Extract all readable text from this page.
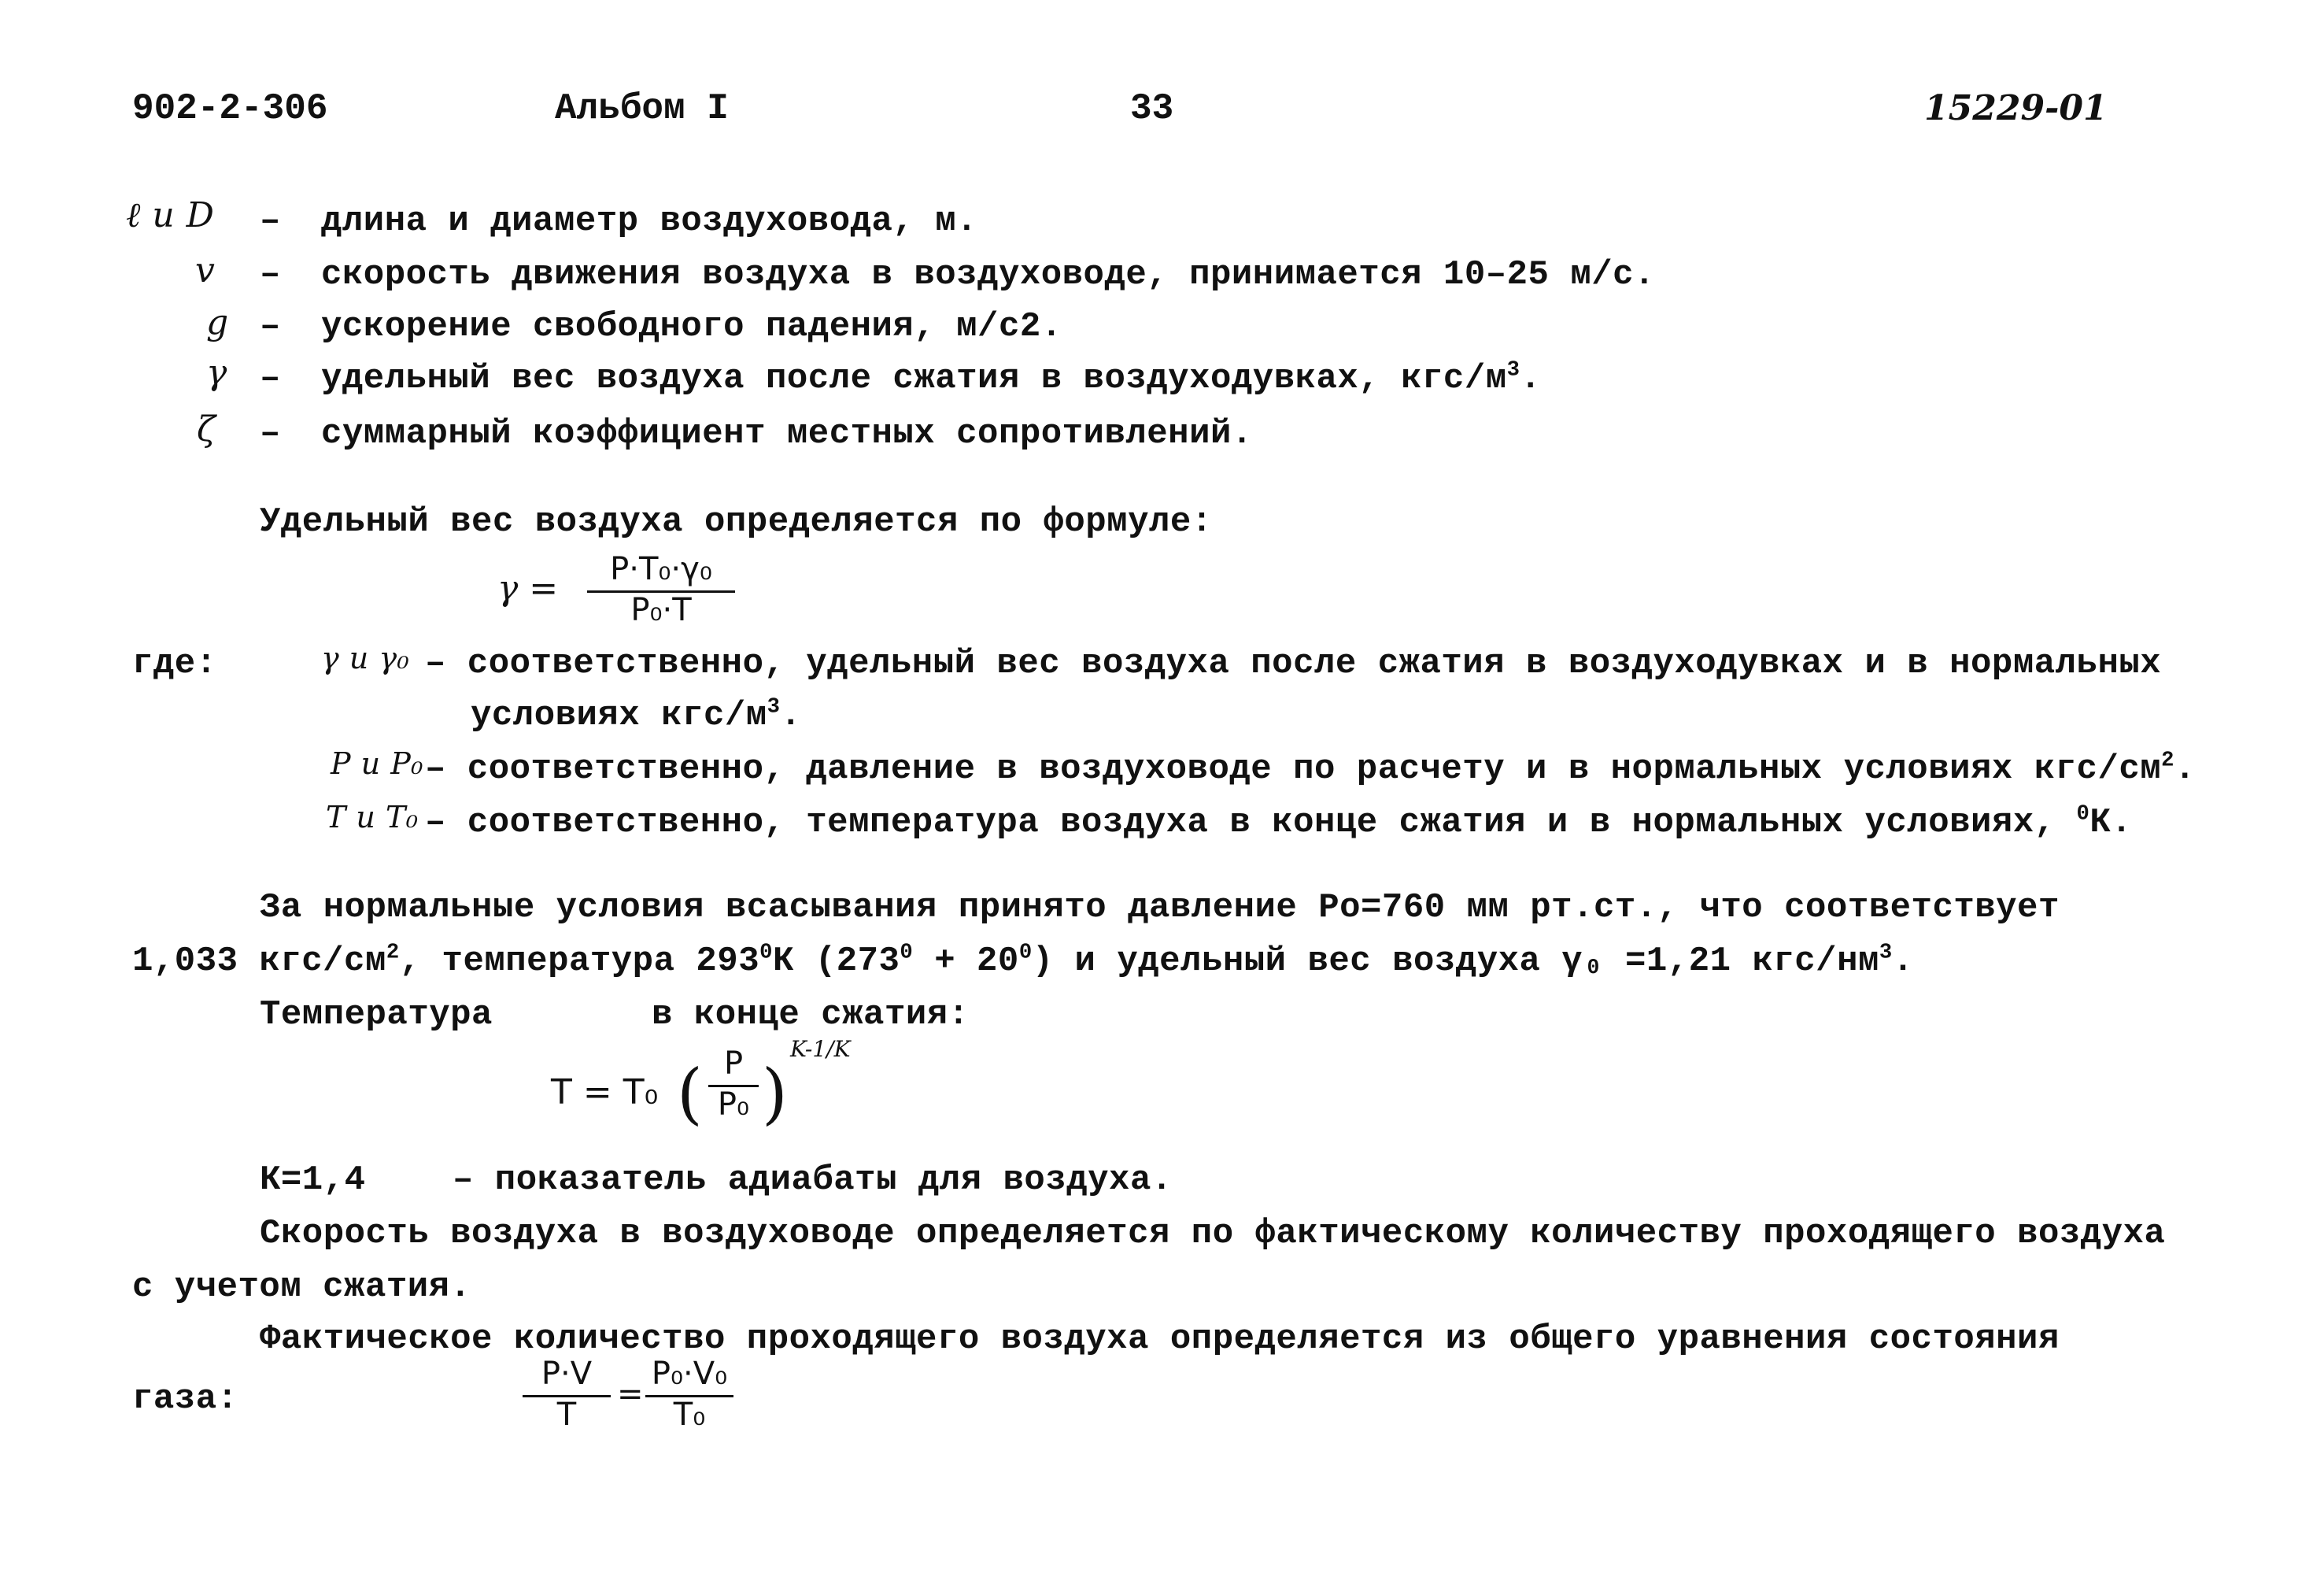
902-2-306	Альбом I	33	15229-01
ℓ и D – длина и диаметр воздуховода, м.
v – скорость движения воздуха в воздуховоде, принимается 10–25 м/с.
g – ускорение свободного падения, м/с2.
γ – удельный вес воздуха после сжатия в воздуходувках, кгс/$м^3$.
ζ – суммарный коэффициент местных сопротивлений.
Удельный вес воздуха определяется по формуле:
γ =	P·T₀·γ₀
P₀·T
где:	γ и γ₀ – соответственно, удельный вес воздуха после сжатия в воздуходувках и в нормальных
условиях кгс/$м^3$.
P и P₀ – соответственно, давление в воздуховоде по расчету и в нормальных условиях кгс/$см^2$.
T и T₀ – соответственно, температура воздуха в конце сжатия и в нормальных условиях, $^0$К.
За нормальные условия всасывания принято давление Ро=760 мм рт.ст., что соответствует
1,033 кгс/$см^2$, температура $293^0К$ $(273^0 + 20^0)$ и удельный вес воздуха γ₀ =1,21 кгс/$нм^3$.
Температура	в конце сжатия:
T = T₀ ( P
P₀ )
K-1/K
К=1,4	– показатель адиабаты для воздуха.
Скорость воздуха в воздуховоде определяется по фактическому количеству проходящего воздуха
с учетом сжатия.
Фактическое количество проходящего воздуха определяется из общего уравнения состояния
газа:
P·V
T
=
P₀·V₀
T₀
